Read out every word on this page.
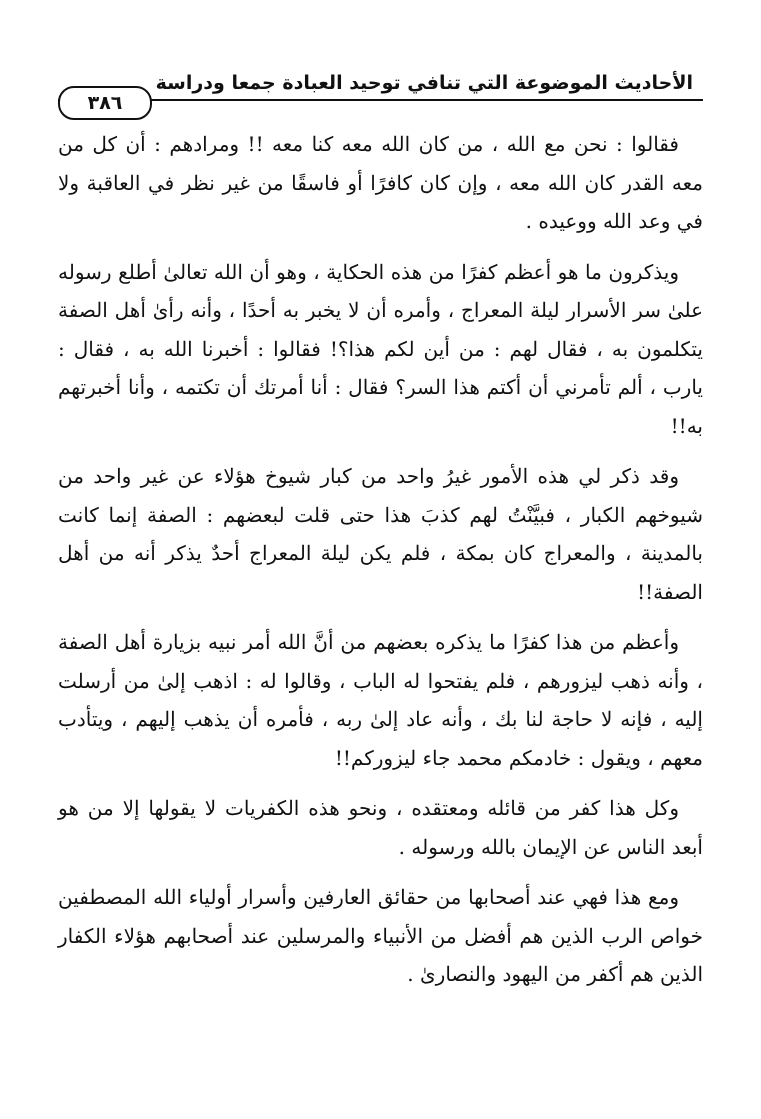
الأحاديث الموضوعة التي تنافي توحيد العبادة جمعا ودراسة
٣٨٦

فقالوا : نحن مع الله ، من كان الله معه كنا معه !! ومرادهم : أن كل من معه القدر كان الله معه ، وإن كان كافرًا أو فاسقًا من غير نظر في العاقبة ولا في وعد الله ووعيده .

ويذكرون ما هو أعظم كفرًا من هذه الحكاية ، وهو أن الله تعالىٰ أطلع رسوله علىٰ سر الأسرار ليلة المعراج ، وأمره أن لا يخبر به أحدًا ، وأنه رأىٰ أهل الصفة يتكلمون به ، فقال لهم : من أين لكم هذا؟! فقالوا : أخبرنا الله به ، فقال : يارب ، ألم تأمرني أن أكتم هذا السر؟ فقال : أنا أمرتك أن تكتمه ، وأنا أخبرتهم به!!

وقد ذكر لي هذه الأمور غيرُ واحد من كبار شيوخ هؤلاء عن غير واحد من شيوخهم الكبار ، فبيَّنْتُ لهم كذبَ هذا حتى قلت لبعضهم : الصفة إنما كانت بالمدينة ، والمعراج كان بمكة ، فلم يكن ليلة المعراج أحدٌ يذكر أنه من أهل الصفة!!

وأعظم من هذا كفرًا ما يذكره بعضهم من أنَّ الله أمر نبيه بزيارة أهل الصفة ، وأنه ذهب ليزورهم ، فلم يفتحوا له الباب ، وقالوا له : اذهب إلىٰ من أرسلت إليه ، فإنه لا حاجة لنا بك ، وأنه عاد إلىٰ ربه ، فأمره أن يذهب إليهم ، ويتأدب معهم ، ويقول : خادمكم محمد جاء ليزوركم!!

وكل هذا كفر من قائله ومعتقده ، ونحو هذه الكفريات لا يقولها إلا من هو أبعد الناس عن الإيمان بالله ورسوله .

ومع هذا فهي عند أصحابها من حقائق العارفين وأسرار أولياء الله المصطفين خواص الرب الذين هم أفضل من الأنبياء والمرسلين عند أصحابهم هؤلاء الكفار الذين هم أكفر من اليهود والنصارىٰ .
